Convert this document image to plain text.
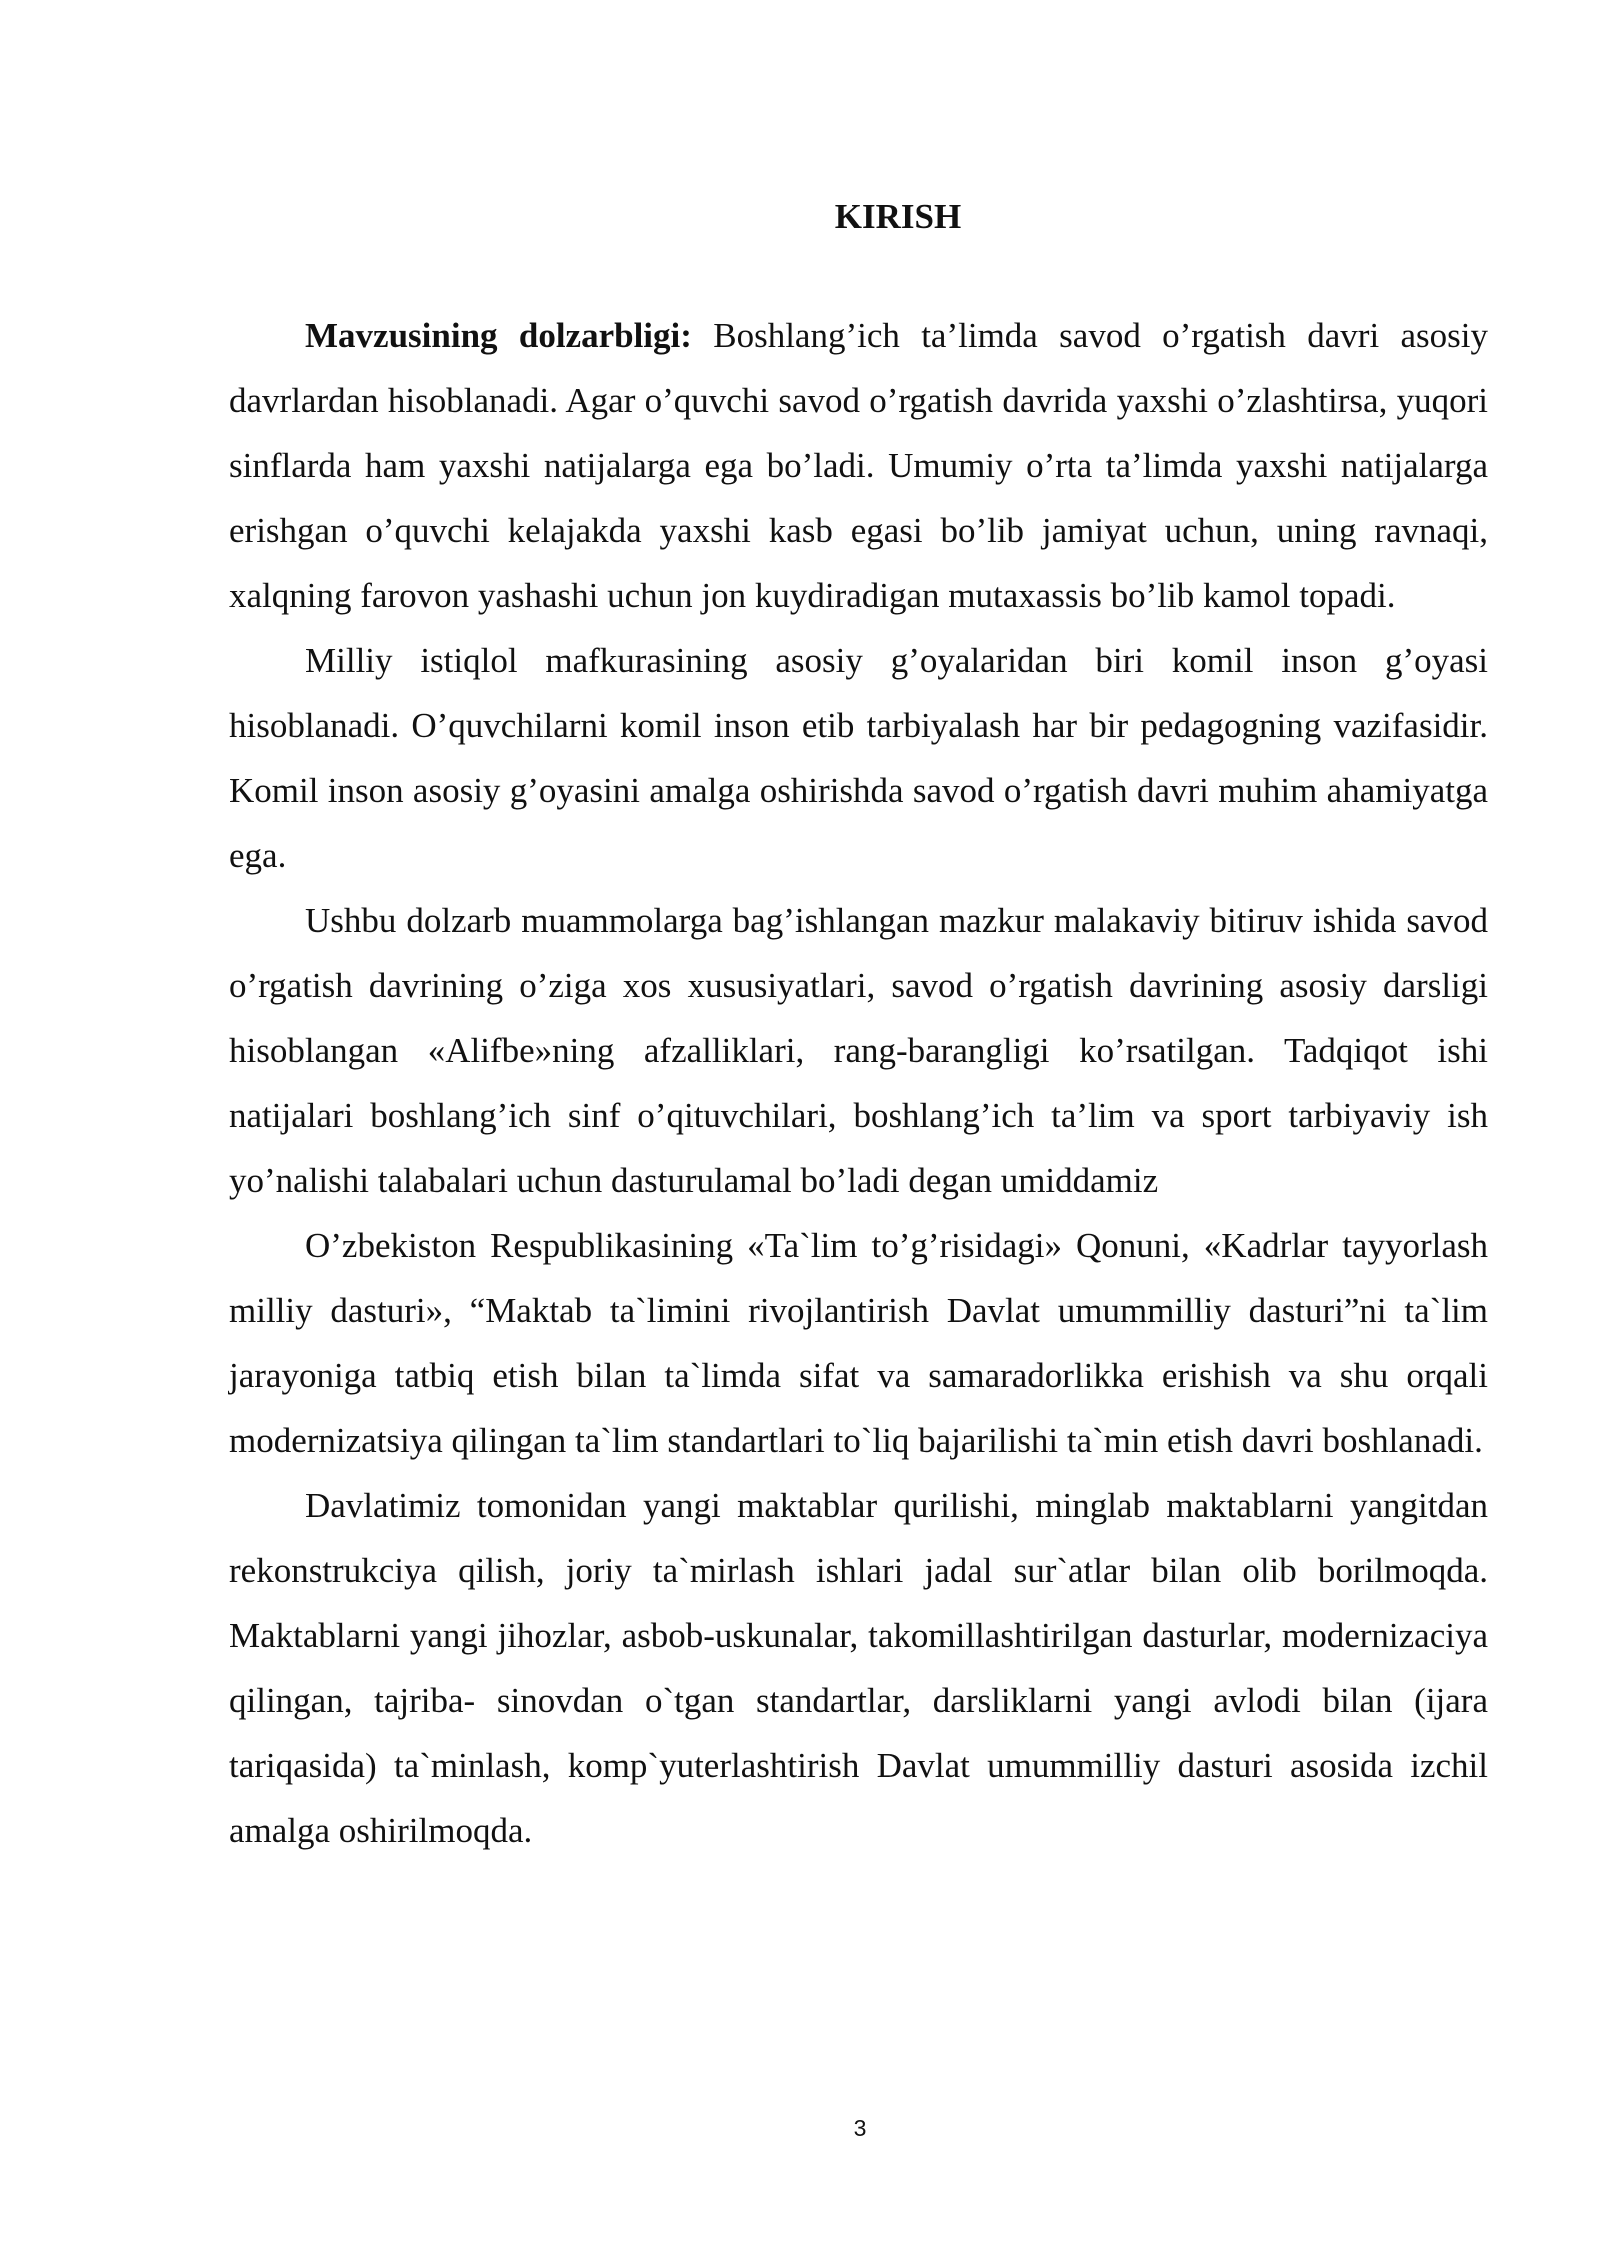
KIRISH

Mavzusining dolzarbligi: Boshlang’ich ta’limda savod o’rgatish davri asosiy davrlardan hisoblanadi. Agar o’quvchi savod o’rgatish davrida yaxshi o’zlashtirsa, yuqori sinflarda ham yaxshi natijalarga ega bo’ladi. Umumiy o’rta ta’limda yaxshi natijalarga erishgan o’quvchi kelajakda yaxshi kasb egasi bo’lib jamiyat uchun, uning ravnaqi, xalqning farovon yashashi uchun jon kuydiradigan mutaxassis bo’lib kamol topadi.

Milliy istiqlol mafkurasining asosiy g’oyalaridan biri komil inson g’oyasi hisoblanadi. O’quvchilarni komil inson etib tarbiyalash har bir pedagogning vazifasidir. Komil inson asosiy g’oyasini amalga oshirishda savod o’rgatish davri muhim ahamiyatga ega.

Ushbu dolzarb muammolarga bag’ishlangan mazkur malakaviy bitiruv ishida savod o’rgatish davrining o’ziga xos xususiyatlari, savod o’rgatish davrining asosiy darsligi hisoblangan «Alifbe»ning afzalliklari, rang-barangligi ko’rsatilgan. Tadqiqot ishi natijalari boshlang’ich sinf o’qituvchilari, boshlang’ich ta’lim va sport tarbiyaviy ish yo’nalishi talabalari uchun dasturulamal bo’ladi degan umiddamiz

O’zbekiston Respublikasining «Ta`lim to’g’risidagi» Qonuni, «Kadrlar tayyorlash milliy dasturi», “Maktab ta`limini rivojlantirish Davlat umummilliy dasturi”ni ta`lim jarayoniga tatbiq etish bilan ta`limda sifat va samaradorlikka erishish va shu orqali modernizatsiya qilingan ta`lim standartlari to`liq bajarilishi ta`min etish davri boshlanadi.

Davlatimiz tomonidan yangi maktablar qurilishi, minglab maktablarni yangitdan rekonstrukciya qilish, joriy ta`mirlash ishlari jadal sur`atlar bilan olib borilmoqda. Maktablarni yangi jihozlar, asbob-uskunalar, takomillashtirilgan dasturlar, modernizaciya qilingan, tajriba- sinovdan o`tgan standartlar, darsliklarni yangi avlodi bilan (ijara tariqasida) ta`minlash, komp`yuterlashtirish Davlat umummilliy dasturi asosida izchil amalga oshirilmoqda.

3
